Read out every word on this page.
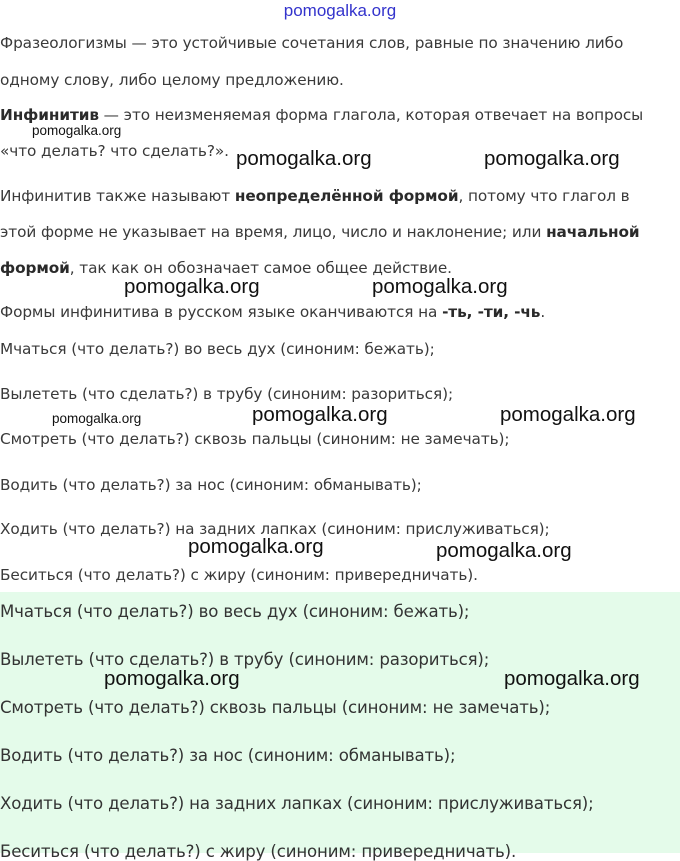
pomogalka.org

Фразеологизмы — это устойчивые сочетания слов, равные по значению либо

одному слову, либо целому предложению.

Инфинитив — это неизменяемая форма глагола, которая отвечает на вопросы

«что делать? что сделать?».

Инфинитив также называют неопределённой формой, потому что глагол в

этой форме не указывает на время, лицо, число и наклонение; или начальной

формой, так как он обозначает самое общее действие.

Формы инфинитива в русском языке оканчиваются на -ть, -ти, -чь.

Мчаться (что делать?) во весь дух (синоним: бежать);

Вылететь (что сделать?) в трубу (синоним: разориться);

Смотреть (что делать?) сквозь пальцы (синоним: не замечать);

Водить (что делать?) за нос (синоним: обманывать);

Ходить (что делать?) на задних лапках (синоним: прислуживаться);

Беситься (что делать?) с жиру (синоним: привередничать).

Мчаться (что делать?) во весь дух (синоним: бежать);

Вылететь (что сделать?) в трубу (синоним: разориться);

Смотреть (что делать?) сквозь пальцы (синоним: не замечать);

Водить (что делать?) за нос (синоним: обманывать);

Ходить (что делать?) на задних лапках (синоним: прислуживаться);

Беситься (что делать?) с жиру (синоним: привередничать).

pomogalka.org
pomogalka.org	pomogalka.org
pomogalka.org	pomogalka.org
pomogalka.org	pomogalka.org	pomogalka.org
pomogalka.org	pomogalka.org
pomogalka.org	pomogalka.org
